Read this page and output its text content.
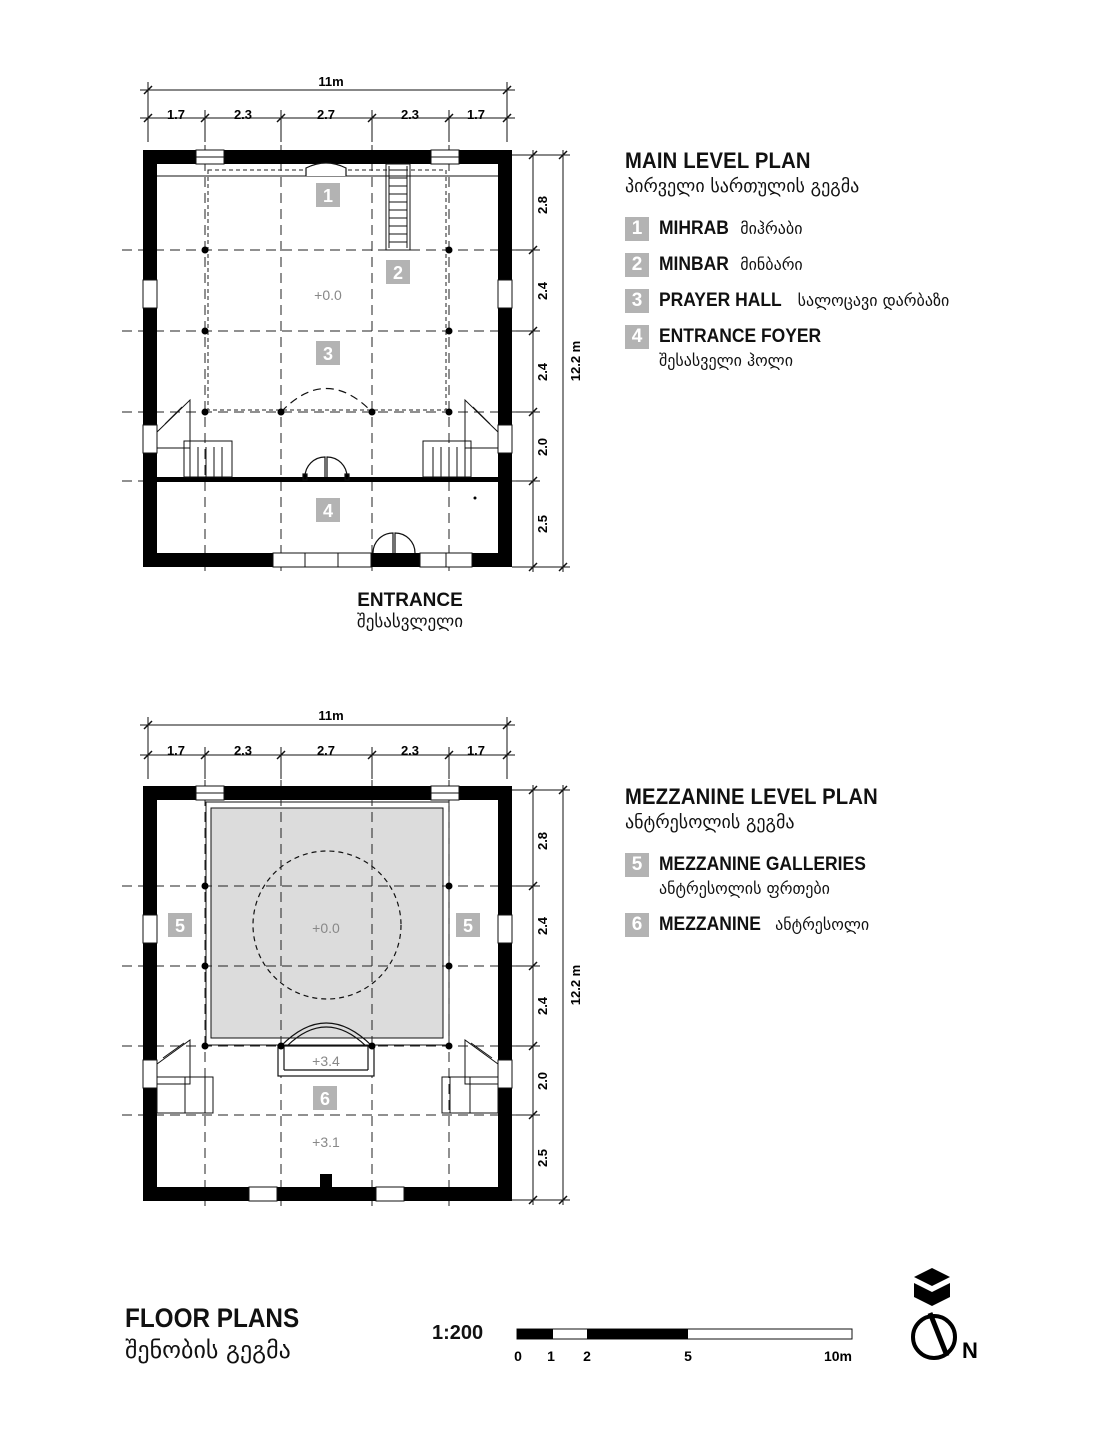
11m
1.7	2.3	2.7	2.3	1.7
2.8
2.4
2.4
2.0
2.5
12.2 m
1
2
3
4
+0.0
11m
1.7	2.3	2.7	2.3	1.7
2.8
2.4
2.4
2.0
2.5
12.2 m
5	5
6
+0.0
+3.4
+3.1
0 1 2	5	10m	N
MAIN LEVEL PLAN
პირველი სართულის გეგმა
1 MIHRAB მიჰრაბი
2 MINBAR მინბარი
3 PRAYER HALL სალოცავი დარბაზი
4 ENTRANCE FOYER
შესასველი ჰოლი
ENTRANCE
შესასვლელი
MEZZANINE LEVEL PLAN
ანტრესოლის გეგმა
5 MEZZANINE GALLERIES
ანტრესოლის ფრთები
6 MEZZANINE ანტრესოლი
FLOOR PLANS
შენობის გეგმა
1:200
